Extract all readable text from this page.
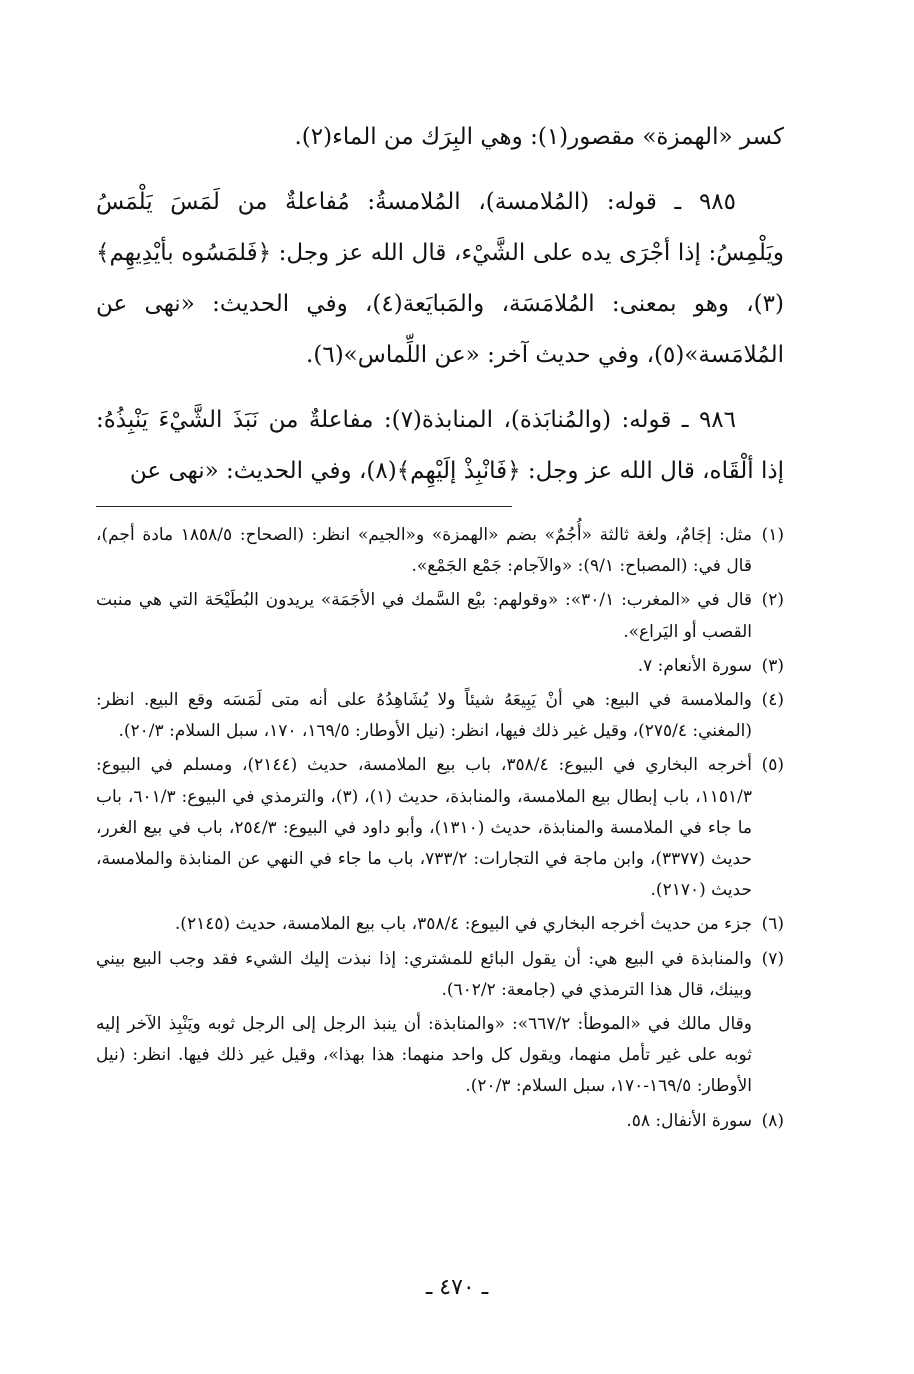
كسر «الهمزة» مقصور(١): وهي البِرَك من الماء(٢).

٩٨٥ ـ قوله: (المُلامسة)، المُلامسةُ: مُفاعلةٌ من لَمَسَ يَلْمَسُ ويَلْمِسُ: إذا أجْرَى يده على الشَّيْء، قال الله عز وجل: ﴿فَلمَسُوه بأيْدِيهِم﴾(٣)، وهو بمعنى: المُلامَسَة، والمَبايَعة(٤)، وفي الحديث: «نهى عن المُلامَسة»(٥)، وفي حديث آخر: «عن اللِّماس»(٦).

٩٨٦ ـ قوله: (والمُنابَذة)، المنابذة(٧): مفاعلةٌ من نَبَذَ الشَّيْءَ يَنْبِذُهُ: إذا ألْقَاه، قال الله عز وجل: ﴿فَانْبِذْ إلَيْهِم﴾(٨)، وفي الحديث: «نهى عن

(١)
مثل: إجَامٌ، ولغة ثالثة «أُجُمٌ» بضم «الهمزة» و«الجيم» انظر: (الصحاح: ١٨٥٨/٥ مادة أجم)، قال في: (المصباح: ٩/١): «والآجام: جَمْع الجَمْع».
(٢)
قال في «المغرب: ٣٠/١»: «وقولهم: بيْع السَّمك في الأجَمَة» يريدون البُطَيْحَة التي هي منبت القصب أو اليَراع».
(٣)
سورة الأنعام: ٧.
(٤)
والملامسة في البيع: هي أنْ يَبِيعَهُ شيئاً ولا يُشَاهِدُهُ على أنه متى لَمَسَه وقع البيع. انظر: (المغني: ٢٧٥/٤)، وقيل غير ذلك فيها، انظر: (نيل الأوطار: ١٦٩/٥، ١٧٠، سبل السلام: ٢٠/٣).
(٥)
أخرجه البخاري في البيوع: ٣٥٨/٤، باب بيع الملامسة، حديث (٢١٤٤)، ومسلم في البيوع: ١١٥١/٣، باب إبطال بيع الملامسة، والمنابذة، حديث (١)، (٣)، والترمذي في البيوع: ٦٠١/٣، باب ما جاء في الملامسة والمنابذة، حديث (١٣١٠)، وأبو داود في البيوع: ٢٥٤/٣، باب في بيع الغرر، حديث (٣٣٧٧)، وابن ماجة في التجارات: ٧٣٣/٢، باب ما جاء في النهي عن المنابذة والملامسة، حديث (٢١٧٠).
(٦)
جزء من حديث أخرجه البخاري في البيوع: ٣٥٨/٤، باب بيع الملامسة، حديث (٢١٤٥).
(٧)
والمنابذة في البيع هي: أن يقول البائع للمشتري: إذا نبذت إليك الشيء فقد وجب البيع بيني وبينك، قال هذا الترمذي في (جامعة: ٦٠٢/٢).
وقال مالك في «الموطأ: ٦٦٧/٢»: «والمنابذة: أن ينبذ الرجل إلى الرجل ثوبه ويَنْبِذ الآخر إليه ثوبه على غير تأمل منهما، ويقول كل واحد منهما: هذا بهذا»، وقيل غير ذلك فيها. انظر: (نيل الأوطار: ١٦٩/٥-١٧٠، سبل السلام: ٢٠/٣).
(٨)
سورة الأنفال: ٥٨.
ـ ٤٧٠ ـ
